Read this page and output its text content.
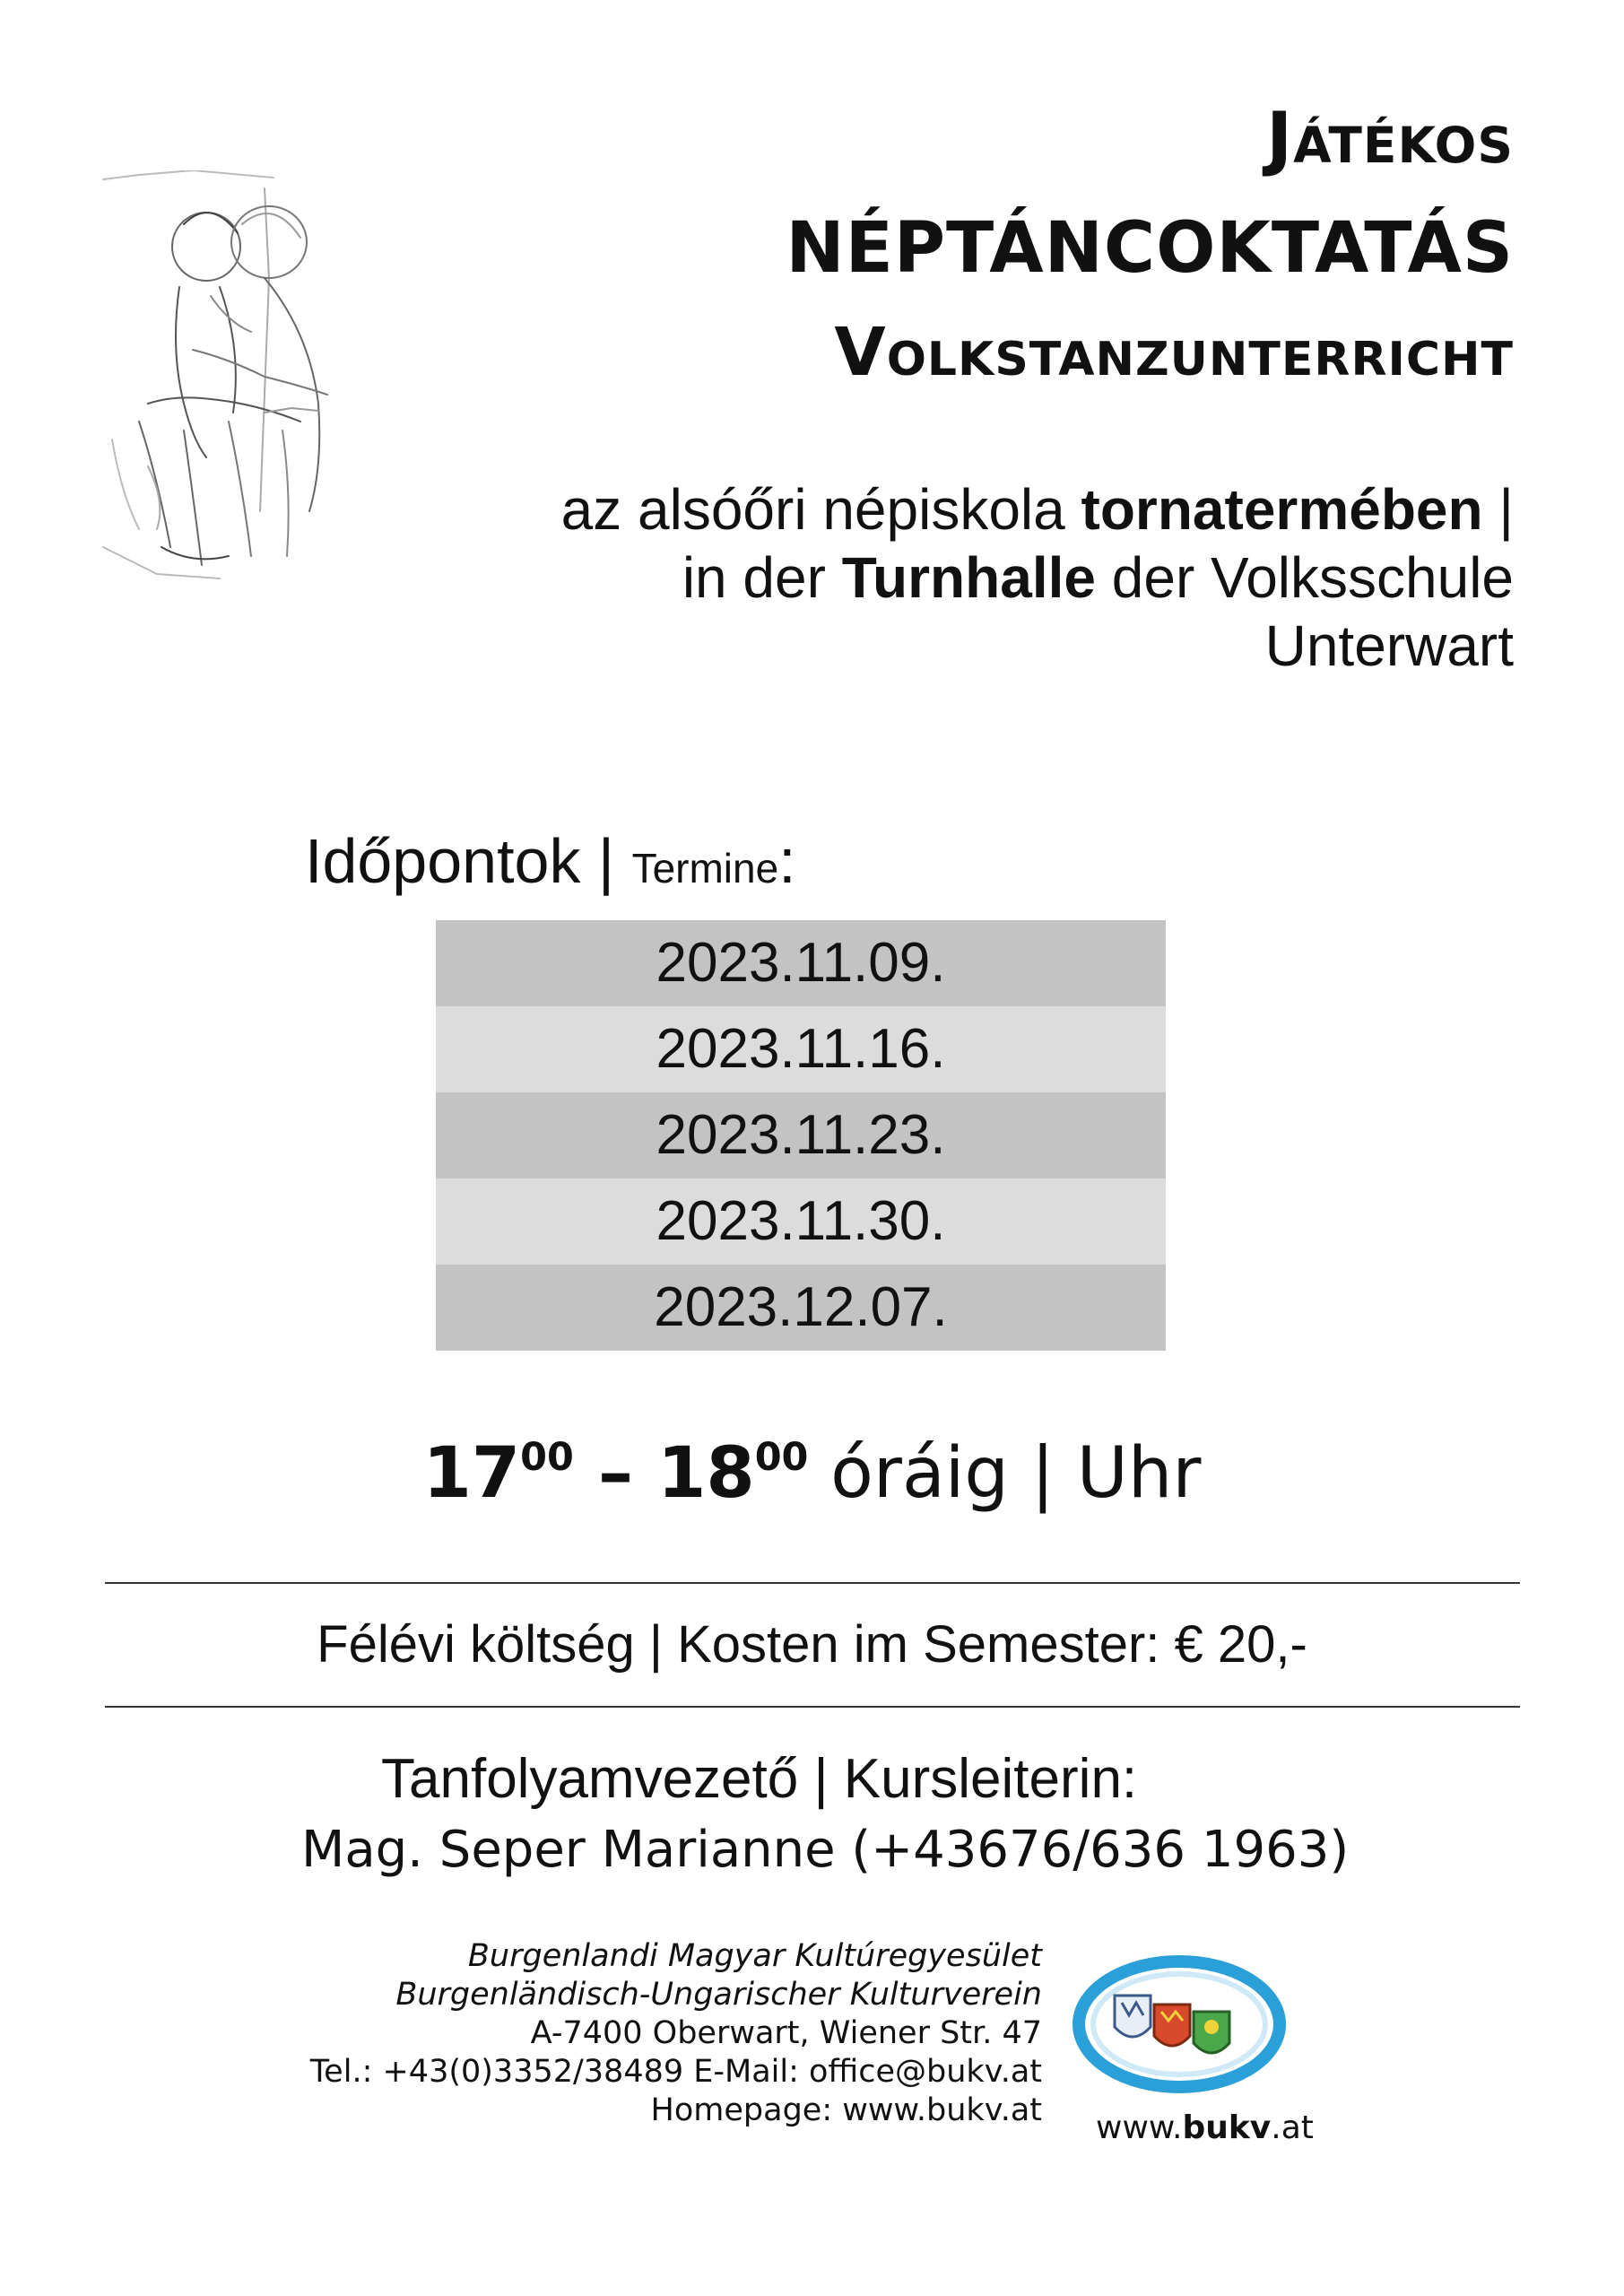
Játékos
NÉPTÁNCOKTATÁS
Volkstanzunterricht
az alsóőri népiskola tornatermében |
in der Turnhalle der Volksschule
Unterwart
Időpontok | Termine:
2023.11.09.
2023.11.16.
2023.11.23.
2023.11.30.
2023.12.07.
$17^{00} - 18^{00}$ óráig | Uhr
Félévi költség | Kosten im Semester: € 20,-
Tanfolyamvezető | Kursleiterin:
Mag. Seper Marianne (+43676/636 1963)
Burgenlandi Magyar Kultúregyesület
Burgenländisch-Ungarischer Kulturverein
A-7400 Oberwart, Wiener Str. 47
Tel.: +43(0)3352/38489 E-Mail: office@bukv.at
Homepage: www.bukv.at www.bukv.at
